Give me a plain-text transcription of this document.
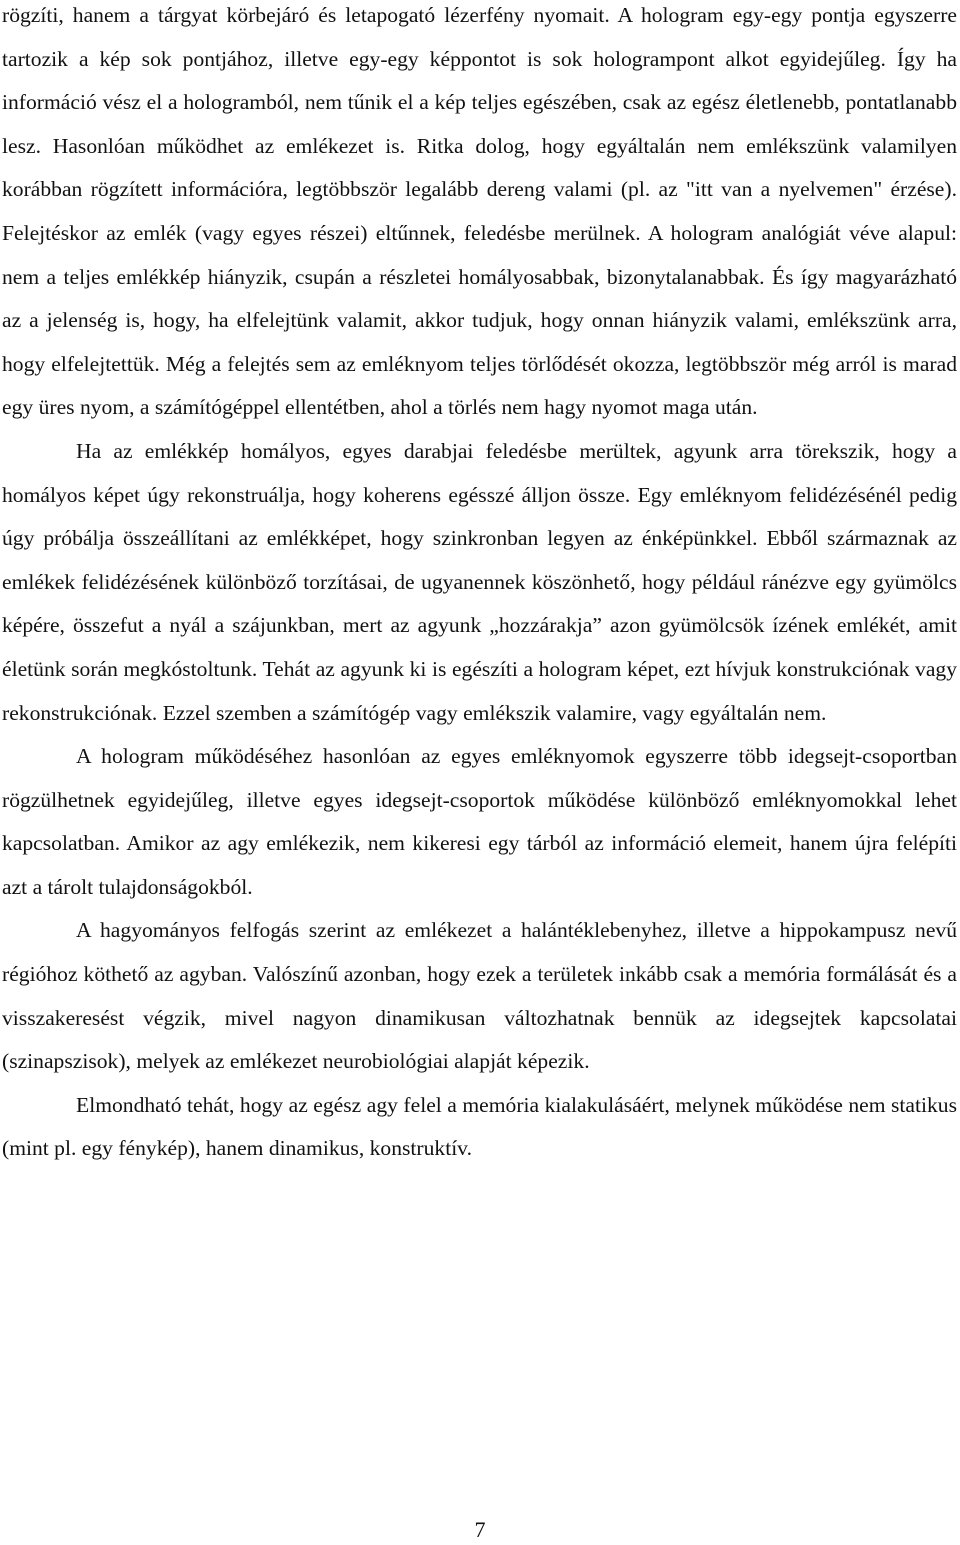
rögzíti, hanem a tárgyat körbejáró és letapogató lézerfény nyomait. A hologram egy-egy pontja egyszerre tartozik a kép sok pontjához, illetve egy-egy képpontot is sok hologrampont alkot egyidejűleg. Így ha információ vész el a hologramból, nem tűnik el a kép teljes egészében, csak az egész életlenebb, pontatlanabb lesz. Hasonlóan működhet az emlékezet is. Ritka dolog, hogy egyáltalán nem emlékszünk valamilyen korábban rögzített információra, legtöbbször legalább dereng valami (pl. az "itt van a nyelvemen" érzése). Felejtéskor az emlék (vagy egyes részei) eltűnnek, feledésbe merülnek. A hologram analógiát véve alapul: nem a teljes emlékkép hiányzik, csupán a részletei homályosabbak, bizonytalanabbak. És így magyarázható az a jelenség is, hogy, ha elfelejtünk valamit, akkor tudjuk, hogy onnan hiányzik valami, emlékszünk arra, hogy elfelejtettük. Még a felejtés sem az emléknyom teljes törlődését okozza, legtöbbször még arról is marad egy üres nyom, a számítógéppel ellentétben, ahol a törlés nem hagy nyomot maga után.

Ha az emlékkép homályos, egyes darabjai feledésbe merültek, agyunk arra törekszik, hogy a homályos képet úgy rekonstruálja, hogy koherens egésszé álljon össze. Egy emléknyom felidézésénél pedig úgy próbálja összeállítani az emlékképet, hogy szinkronban legyen az énképünkkel. Ebből származnak az emlékek felidézésének különböző torzításai, de ugyanennek köszönhető, hogy például ránézve egy gyümölcs képére, összefut a nyál a szájunkban, mert az agyunk „hozzárakja” azon gyümölcsök ízének emlékét, amit életünk során megkóstoltunk. Tehát az agyunk ki is egészíti a hologram képet, ezt hívjuk konstrukciónak vagy rekonstrukciónak. Ezzel szemben a számítógép vagy emlékszik valamire, vagy egyáltalán nem.

A hologram működéséhez hasonlóan az egyes emléknyomok egyszerre több idegsejt-csoportban rögzülhetnek egyidejűleg, illetve egyes idegsejt-csoportok működése különböző emléknyomokkal lehet kapcsolatban. Amikor az agy emlékezik, nem kikeresi egy tárból az információ elemeit, hanem újra felépíti azt a tárolt tulajdonságokból.

A hagyományos felfogás szerint az emlékezet a halántéklebenyhez, illetve a hippokampusz nevű régióhoz köthető az agyban. Valószínű azonban, hogy ezek a területek inkább csak a memória formálását és a visszakeresést végzik, mivel nagyon dinamikusan változhatnak bennük az idegsejtek kapcsolatai (szinapszisok), melyek az emlékezet neurobiológiai alapját képezik.

Elmondható tehát, hogy az egész agy felel a memória kialakulásáért, melynek működése nem statikus (mint pl. egy fénykép), hanem dinamikus, konstruktív.

7
